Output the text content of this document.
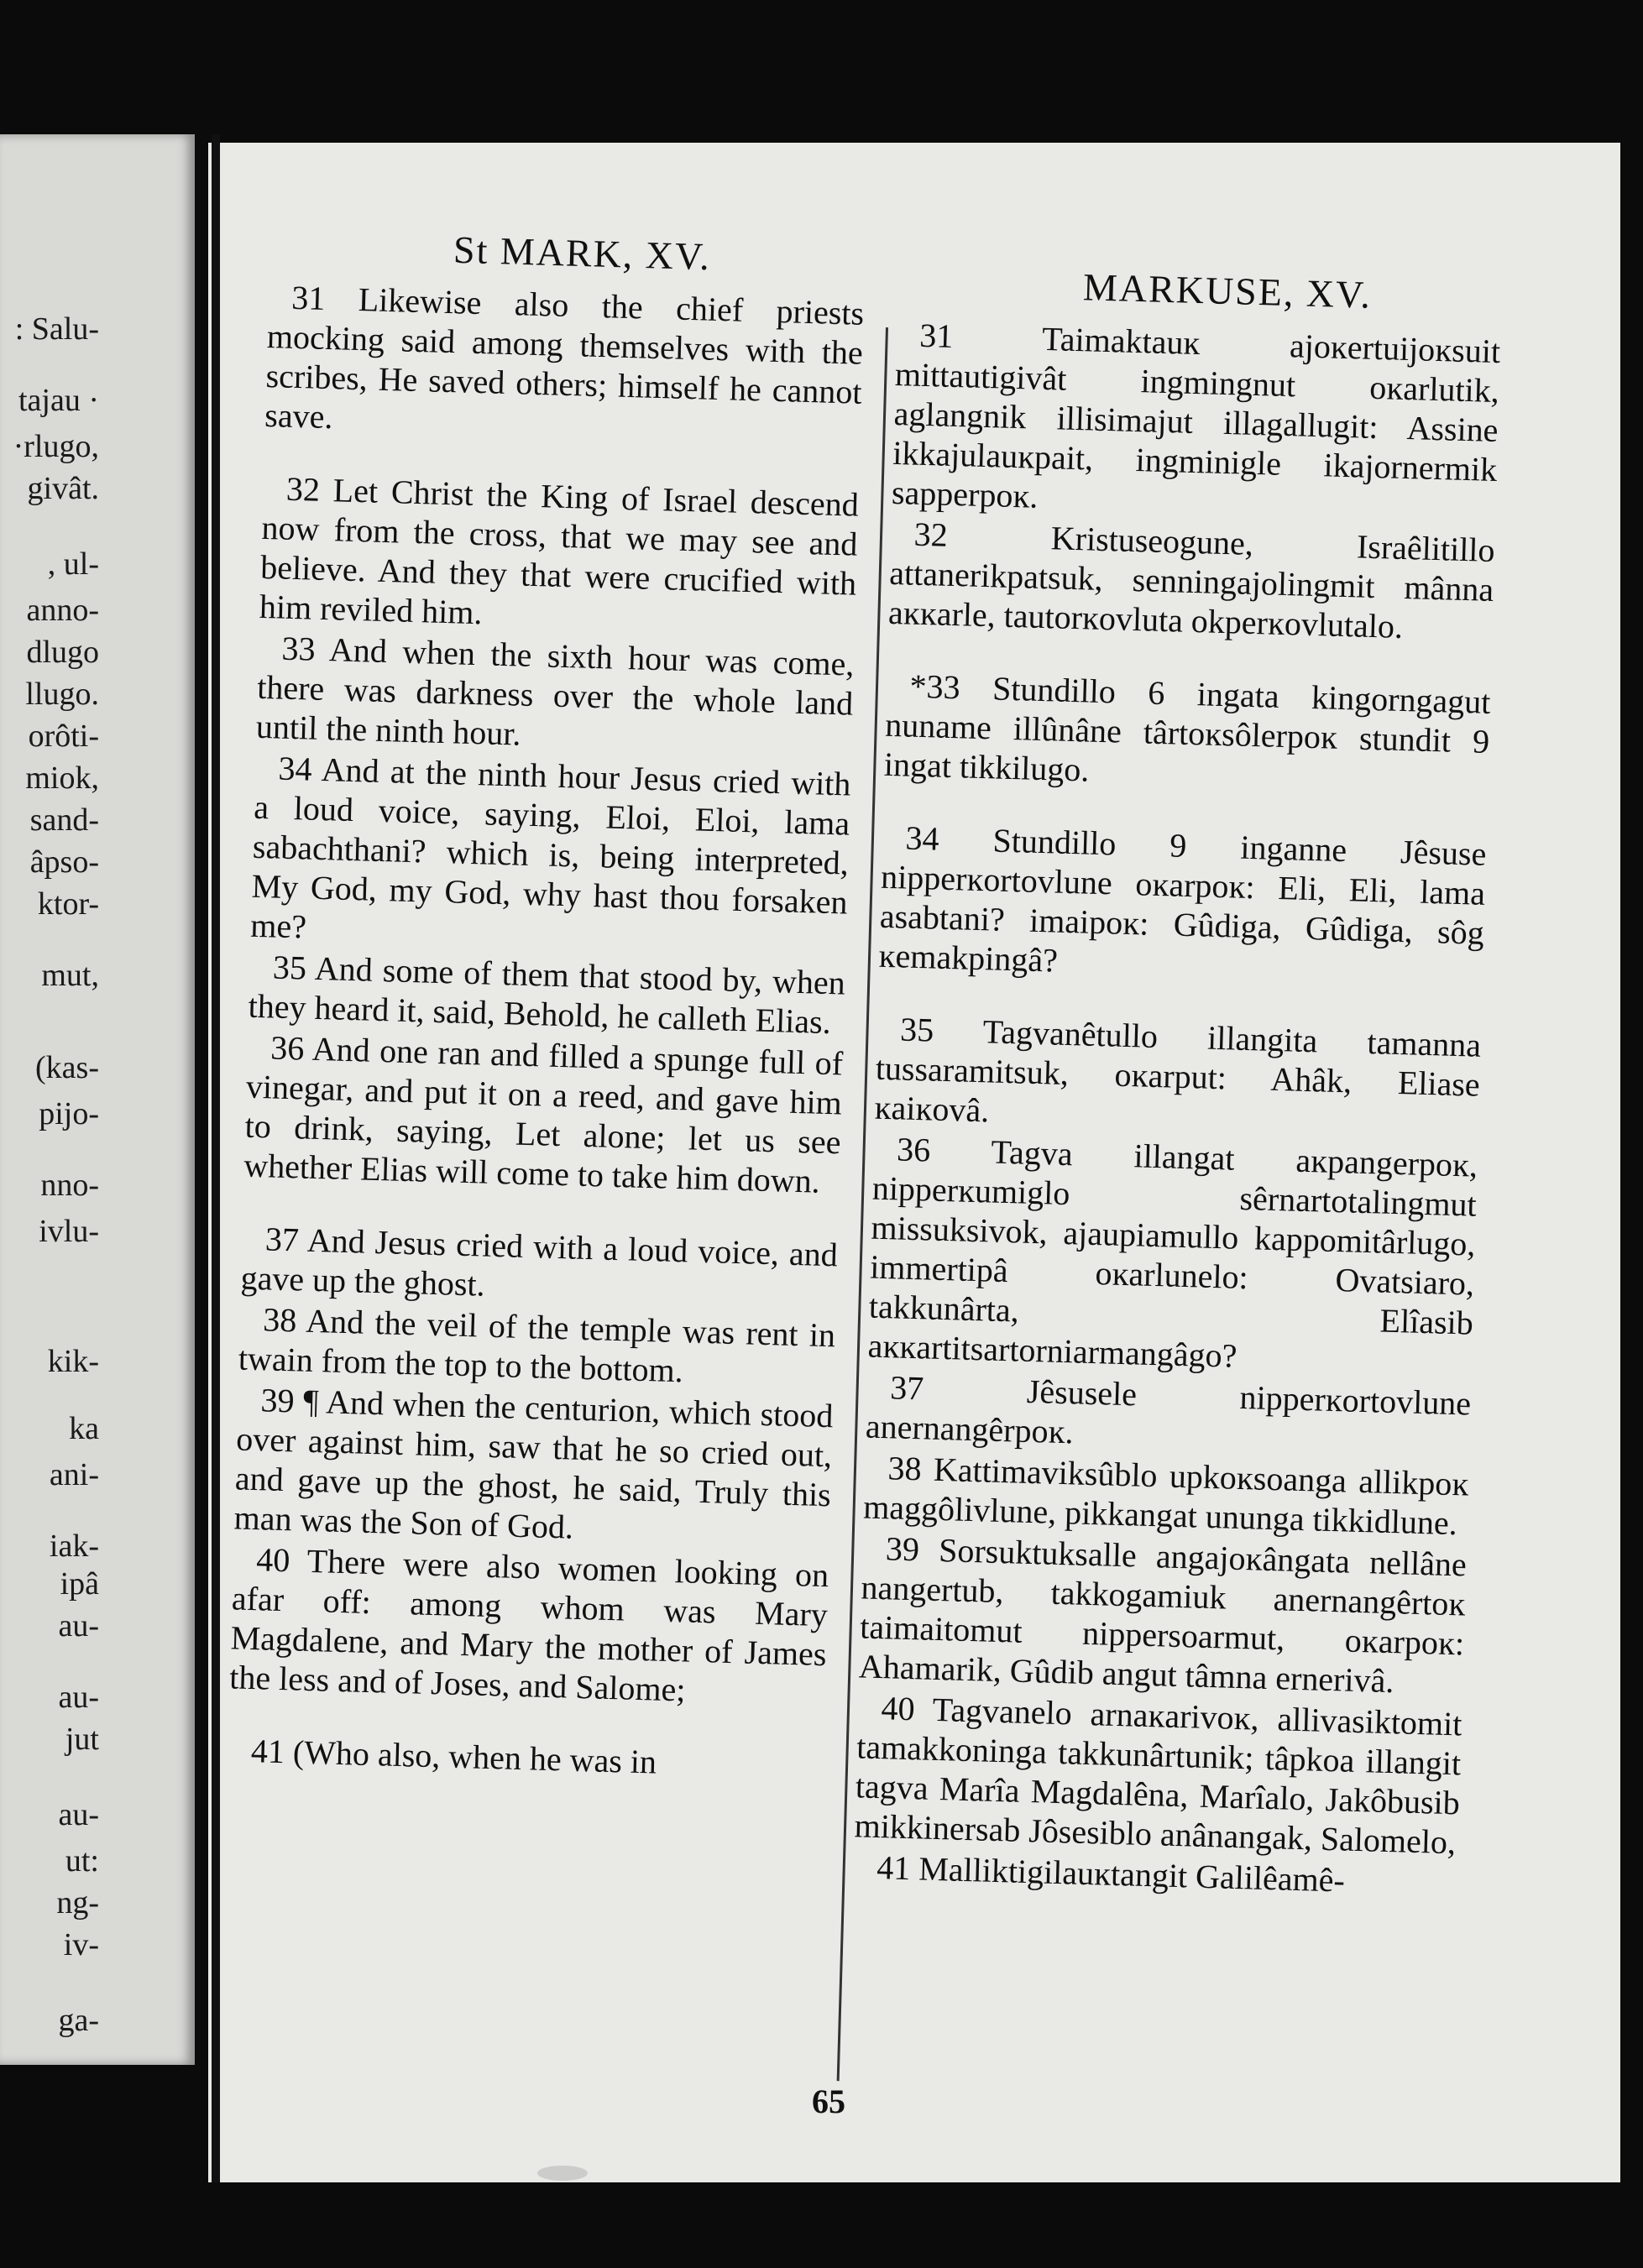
: Salu-
tajau ·
·rlugo,
givât.
, ul-
anno-
dlugo
llugo.
orôti-
miok,
sand-
âpso-
ktor-
mut,
(kas-
pijo-
nno-
ivlu-
kik-
ka
ani-
iak-
ipâ
au-
au-
jut
au-
ut:
ng-
iv-
ga-
St MARK, XV.
MARKUSE, XV.

31 Likewise also the chief priests mocking said among themselves with the scribes, He saved others; himself he cannot save.

32 Let Christ the King of Israel descend now from the cross, that we may see and believe. And they that were crucified with him reviled him.

33 And when the sixth hour was come, there was darkness over the whole land until the ninth hour.

34 And at the ninth hour Jesus cried with a loud voice, saying, Eloi, Eloi, lama sabachthani? which is, being interpreted, My God, my God, why hast thou forsaken me?

35 And some of them that stood by, when they heard it, said, Behold, he calleth Elias.

36 And one ran and filled a spunge full of vinegar, and put it on a reed, and gave him to drink, saying, Let alone; let us see whether Elias will come to take him down.

37 And Jesus cried with a loud voice, and gave up the ghost.

38 And the veil of the temple was rent in twain from the top to the bottom.

39 ¶ And when the centurion, which stood over against him, saw that he so cried out, and gave up the ghost, he said, Truly this man was the Son of God.

40 There were also women looking on afar off: among whom was Mary Magdalene, and Mary the mother of James the less and of Joses, and Salome;

41 (Who also, when he was in

31 Taimaktauĸ ajoĸertuijoĸsuit mittautigivât ingmingnut oĸarlutik, aglangnik illisimajut illagallugit: Assine ikkajulauĸpait, ingminigle ikajornermik sapperpoĸ.

32 Kristuseogune, Israêlitillo attanerikpatsuk, senningajolingmit mânna aĸĸarle, tautorĸovluta okperĸovlutalo.

*33 Stundillo 6 ingata kingorngagut nuname illûnâne târtoĸsôlerpoĸ stundit 9 ingat tikkilugo.

34 Stundillo 9 inganne Jêsuse nipperĸortovlune oĸarpoĸ: Eli, Eli, lama asabtani? imaipoĸ: Gûdiga, Gûdiga, sôg ĸemakpingâ?

35 Tagvanêtullo illangita tamanna tussaramitsuk, oĸarput: Ahâk, Eliase ĸaiĸovâ.

36 Tagva illangat aĸpangerpoĸ, nipperĸumiglo sêrnartotalingmut missuksivok, ajaupiamullo kappomitârlugo, immertipâ oĸarlunelo: Ovatsiaro, takkunârta, Elîasib aĸĸartitsartorniarmangâgo?

37 Jêsusele nipperĸortovlune anernangêrpoĸ.

38 Kattimaviksûblo upkoĸsoanga allikpoĸ maggôlivlune, pikkangat ununga tikkidlune.

39 Sorsuktuksalle angajoĸângata nellâne nangertub, takkogamiuk anernangêrtoĸ taimaitomut nippersoarmut, oĸarpoĸ: Ahamarik, Gûdib angut tâmna ernerivâ.

40 Tagvanelo arnaĸarivoĸ, allivasiktomit tamakkoninga takkunârtunik; tâpkoa illangit tagva Marîa Magdalêna, Marîalo, Jakôbusib mikkinersab Jôsesiblo anânangak, Salomelo,

41 Malliktigilauĸtangit Galilêamê-

65
